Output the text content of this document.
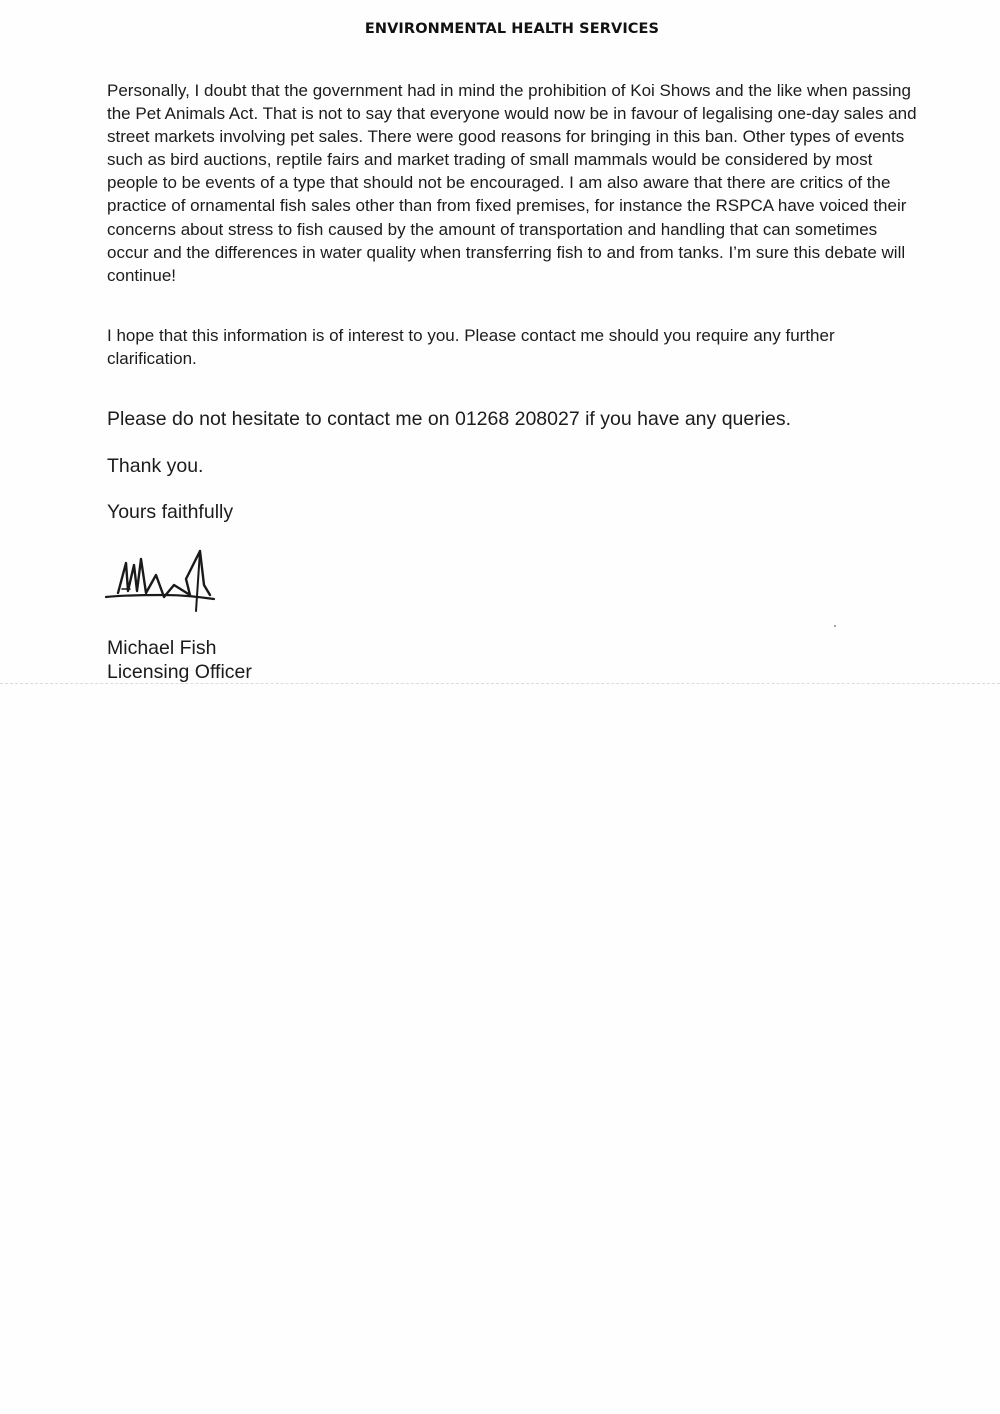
ENVIRONMENTAL HEALTH SERVICES

Personally, I doubt that the government had in mind the prohibition of Koi Shows and the like when passing the Pet Animals Act. That is not to say that everyone would now be in favour of legalising one-day sales and street markets involving pet sales. There were good reasons for bringing in this ban. Other types of events such as bird auctions, reptile fairs and market trading of small mammals would be considered by most people to be events of a type that should not be encouraged. I am also aware that there are critics of the practice of ornamental fish sales other than from fixed premises, for instance the RSPCA have voiced their concerns about stress to fish caused by the amount of transportation and handling that can sometimes occur and the differences in water quality when transferring fish to and from tanks. I’m sure this debate will continue!

I hope that this information is of interest to you. Please contact me should you require any further clarification.

Please do not hesitate to contact me on 01268 208027 if you have any queries.

Thank you.

Yours faithfully

Michael Fish

Licensing Officer
